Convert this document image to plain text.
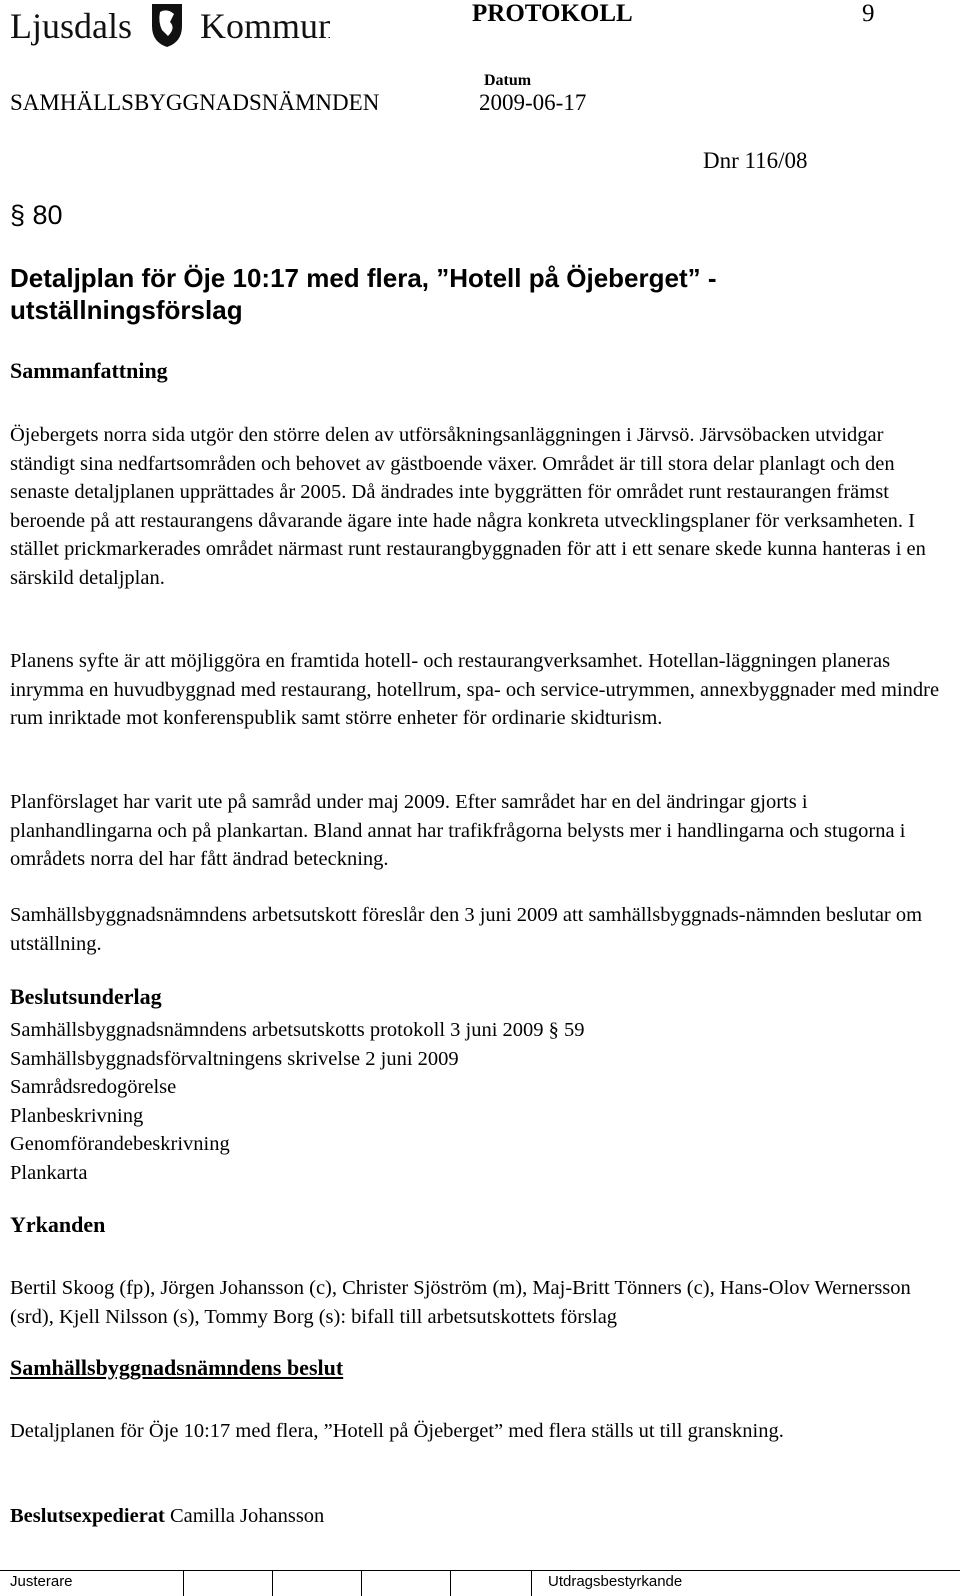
Ljusdals Kommun	PROTOKOLL	9
Datum
SAMHÄLLSBYGGNADSNÄMNDEN	2009-06-17
Dnr 116/08
§ 80
Detaljplan för Öje 10:17 med flera, ”Hotell på Öjeberget” - utställningsförslag
Sammanfattning
Öjebergets norra sida utgör den större delen av utförsåkningsanläggningen i Järvsö. Järvsöbacken utvidgar ständigt sina nedfartsområden och behovet av gästboende växer. Området är till stora delar planlagt och den senaste detaljplanen upprättades år 2005. Då ändrades inte byggrätten för området runt restaurangen främst beroende på att restaurangens dåvarande ägare inte hade några konkreta utvecklingsplaner för verksamheten. I stället prickmarkerades området närmast runt restaurangbyggnaden för att i ett senare skede kunna hanteras i en särskild detaljplan.
Planens syfte är att möjliggöra en framtida hotell- och restaurangverksamhet. Hotellan-läggningen planeras inrymma en huvudbyggnad med restaurang, hotellrum, spa- och service-utrymmen, annexbyggnader med mindre rum inriktade mot konferenspublik samt större enheter för ordinarie skidturism.
Planförslaget har varit ute på samråd under maj 2009. Efter samrådet har en del ändringar gjorts i planhandlingarna och på plankartan. Bland annat har trafikfrågorna belysts mer i handlingarna och stugorna i områdets norra del har fått ändrad beteckning.
Samhällsbyggnadsnämndens arbetsutskott föreslår den 3 juni 2009 att samhällsbyggnads-nämnden beslutar om utställning.
Beslutsunderlag
Samhällsbyggnadsnämndens arbetsutskotts protokoll 3 juni 2009 § 59
Samhällsbyggnadsförvaltningens skrivelse 2 juni 2009
Samrådsredogörelse
Planbeskrivning
Genomförandebeskrivning
Plankarta
Yrkanden
Bertil Skoog (fp), Jörgen Johansson (c), Christer Sjöström (m), Maj-Britt Tönners (c), Hans-Olov Wernersson (srd), Kjell Nilsson (s), Tommy Borg (s): bifall till arbetsutskottets förslag
Samhällsbyggnadsnämndens beslut
Detaljplanen för Öje 10:17 med flera, ”Hotell på Öjeberget” med flera ställs ut till granskning.
Beslutsexpedierat Camilla Johansson
Justerare	Utdragsbestyrkande
